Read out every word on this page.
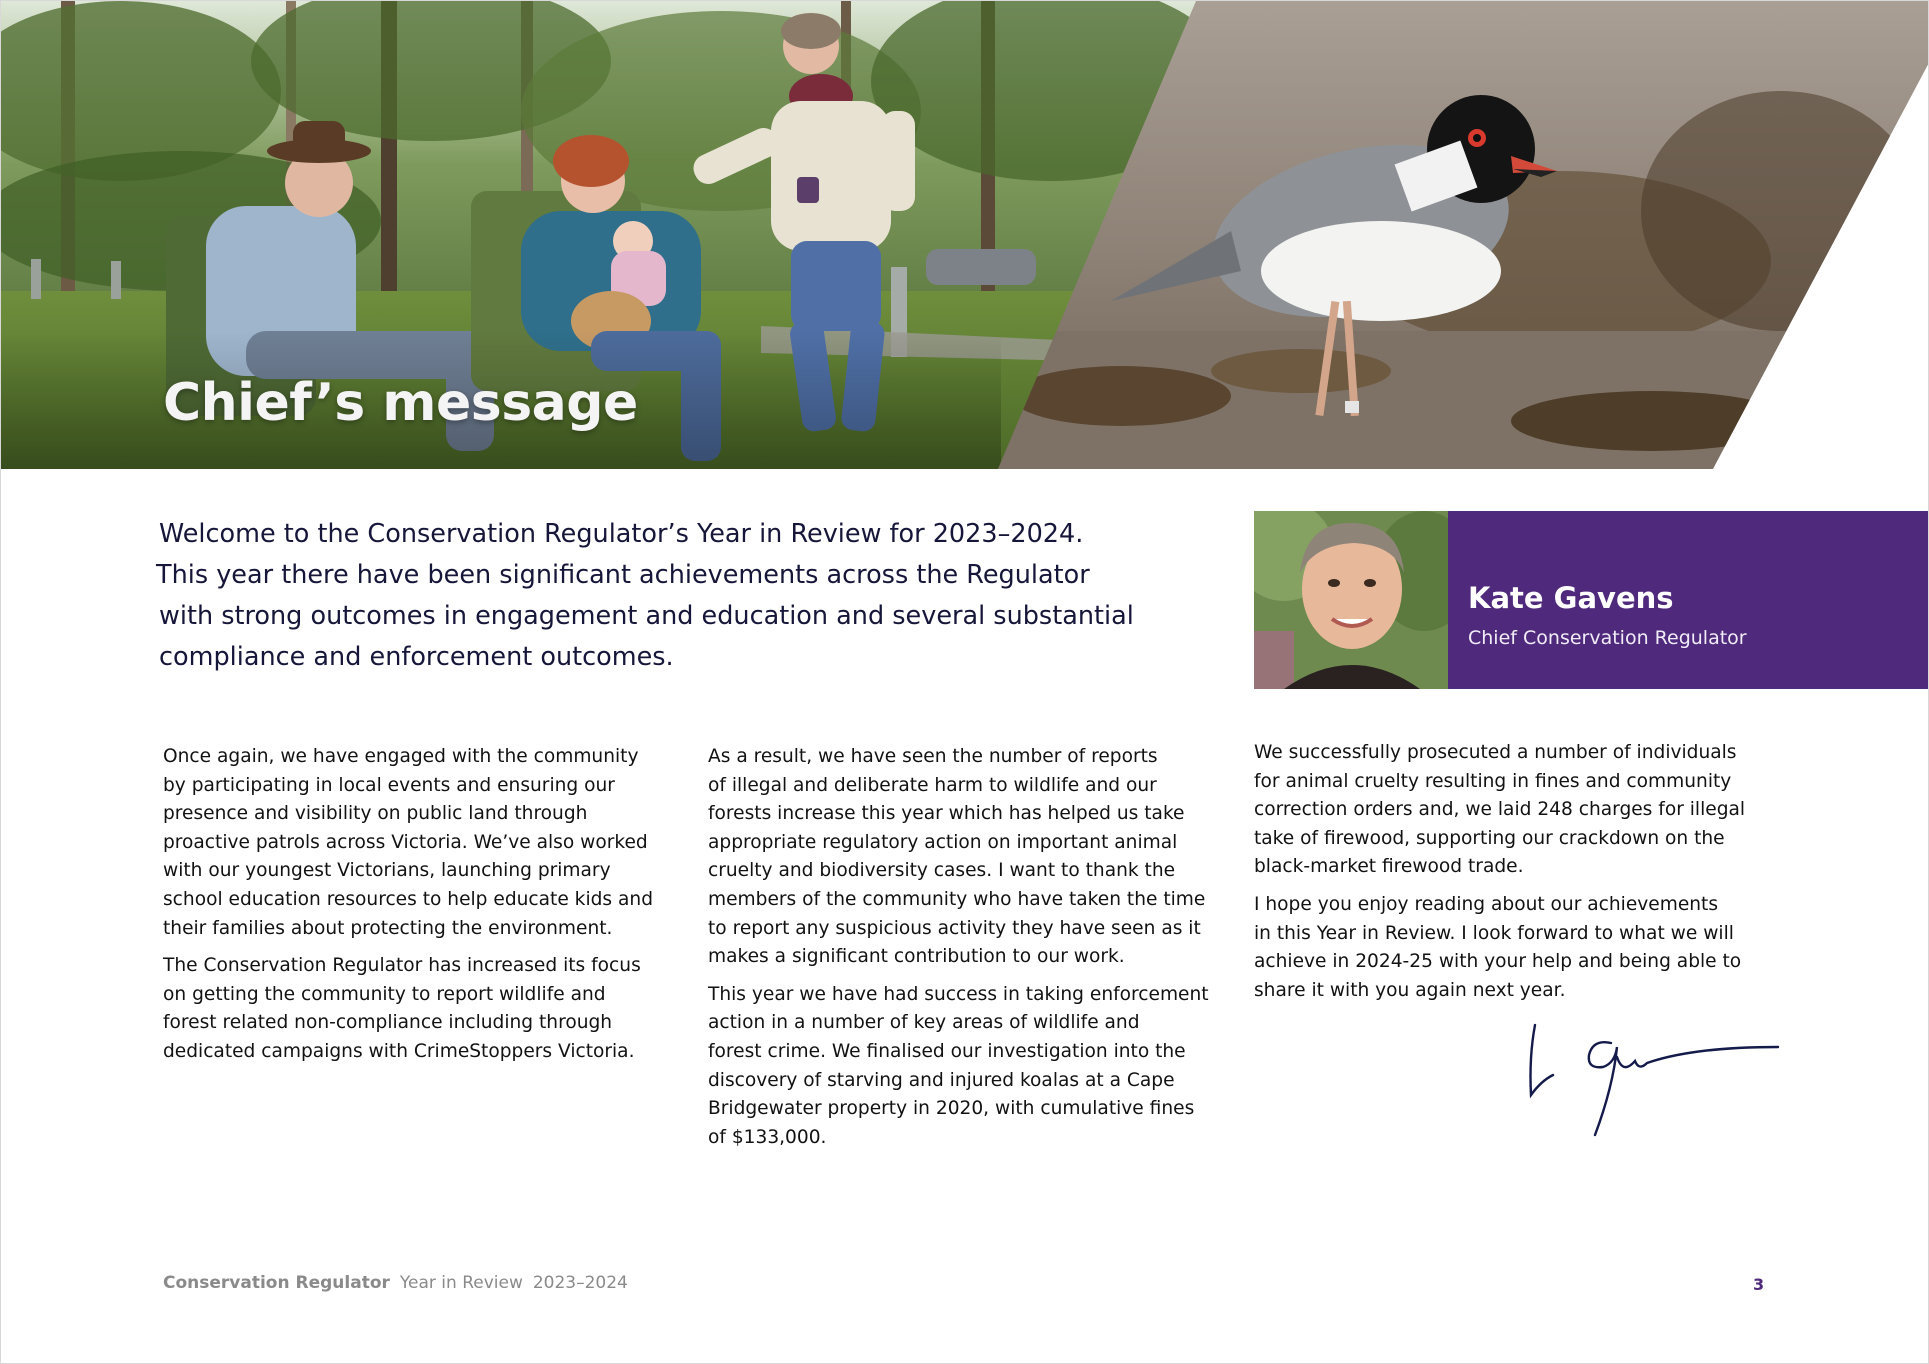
Chief’s message

Welcome to the Conservation Regulator’s Year in Review for 2023–2024.

This year there have been significant achievements across the Regulator

with strong outcomes in engagement and education and several substantial

compliance and enforcement outcomes.

Kate Gavens
Chief Conservation Regulator

Once again, we have engaged with the community
by participating in local events and ensuring our
presence and visibility on public land through
proactive patrols across Victoria. We’ve also worked
with our youngest Victorians, launching primary
school education resources to help educate kids and
their families about protecting the environment.

The Conservation Regulator has increased its focus
on getting the community to report wildlife and
forest related non-compliance including through
dedicated campaigns with CrimeStoppers Victoria.

As a result, we have seen the number of reports
of illegal and deliberate harm to wildlife and our
forests increase this year which has helped us take
appropriate regulatory action on important animal
cruelty and biodiversity cases. I want to thank the
members of the community who have taken the time
to report any suspicious activity they have seen as it
makes a significant contribution to our work.

This year we have had success in taking enforcement
action in a number of key areas of wildlife and
forest crime. We finalised our investigation into the
discovery of starving and injured koalas at a Cape
Bridgewater property in 2020, with cumulative fines
of $133,000.

We successfully prosecuted a number of individuals
for animal cruelty resulting in fines and community
correction orders and, we laid 248 charges for illegal
take of firewood, supporting our crackdown on the
black-market firewood trade.

I hope you enjoy reading about our achievements
in this Year in Review. I look forward to what we will
achieve in 2024-25 with your help and being able to
share it with you again next year.

Conservation Regulator Year in Review 2023–2024	3
